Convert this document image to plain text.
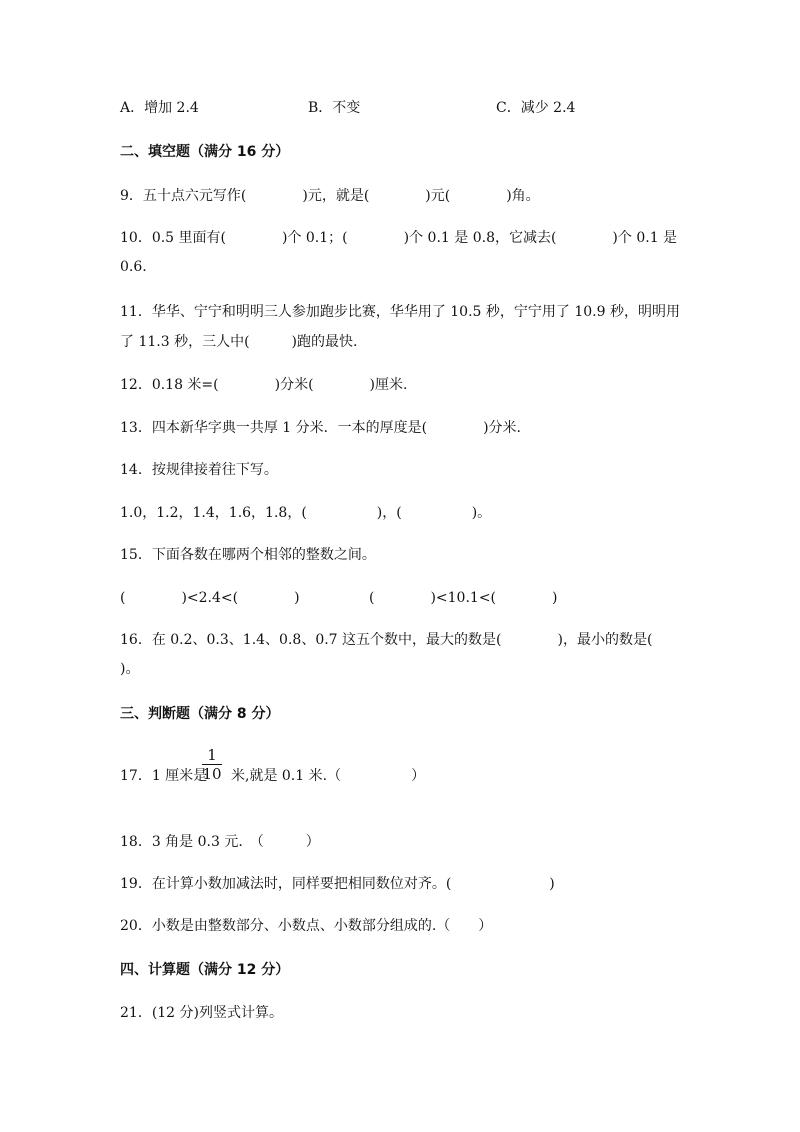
A．增加 2.4	B．不变	C．减少 2.4
二、填空题（满分 16 分）
9．五十点六元写作(　　　　)元，就是(　　　　)元(　　　　)角。
10．0.5 里面有(　　　　)个 0.1；(　　　　)个 0.1 是 0.8，它减去(　　　　)个 0.1 是
0.6.
11．华华、宁宁和明明三人参加跑步比赛，华华用了 10.5 秒，宁宁用了 10.9 秒，明明用
了 11.3 秒，三人中(　　　)跑的最快.
12．0.18 米=(　　　　)分米(　　　　)厘米.
13．四本新华字典一共厚 1 分米．一本的厚度是(　　　　)分米.
14．按规律接着往下写。
1.0，1.2，1.4，1.6，1.8，(　　　　　)，(　　　　　)。
15．下面各数在哪两个相邻的整数之间。
(　　　　)<2.4<(　　　　)	(　　　　)<10.1<(　　　　)
16．在 0.2、0.3、1.4、0.8、0.7 这五个数中，最大的数是(　　　　)，最小的数是(
)。
三、判断题（满分 8 分）
17．1 厘米是
1
10 米,就是 0.1 米.（　　　　　）
18．3 角是 0.3 元.　（　　　）
19．在计算小数加减法时，同样要把相同数位对齐。(　　　　　　　)
20．小数是由整数部分、小数点、小数部分组成的.（　　）
四、计算题（满分 12 分）
21．(12 分)列竖式计算。
